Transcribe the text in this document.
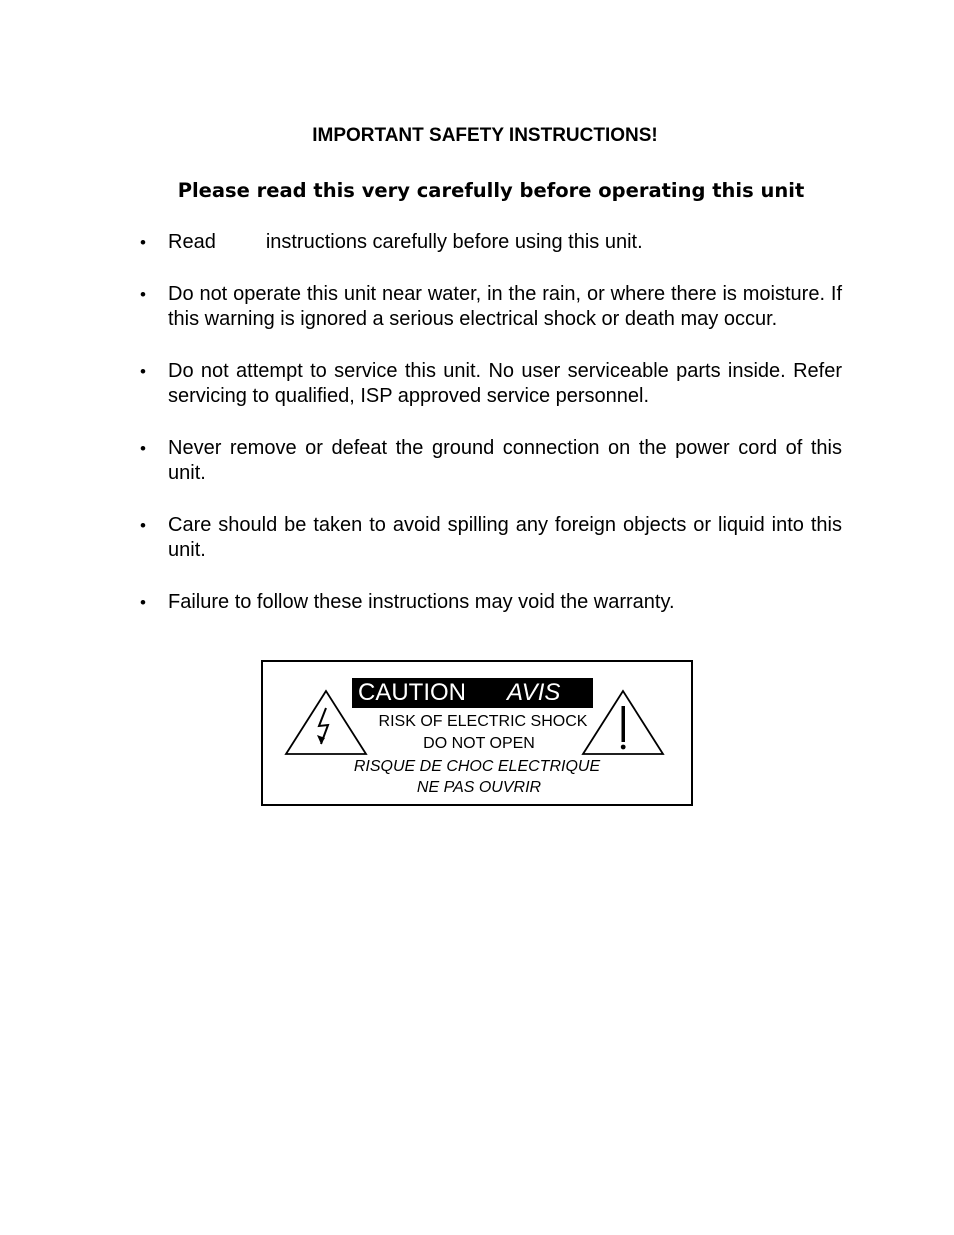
IMPORTANT SAFETY INSTRUCTIONS!
Please read this very carefully before operating this unit
• Read	instructions carefully before using this unit.
• Do not operate this unit near water, in the rain, or where there is moisture. If this warning is ignored a serious electrical shock or death may occur.
• Do not attempt to service this unit. No user serviceable parts inside. Refer servicing to qualified, ISP approved service personnel.
• Never remove or defeat the ground connection on the power cord of this unit.
• Care should be taken to avoid spilling any foreign objects or liquid into this unit.
• Failure to follow these instructions may void the warranty.
CAUTION AVIS
RISK OF ELECTRIC SHOCK
DO NOT OPEN
RISQUE DE CHOC ELECTRIQUE
NE PAS OUVRIR
